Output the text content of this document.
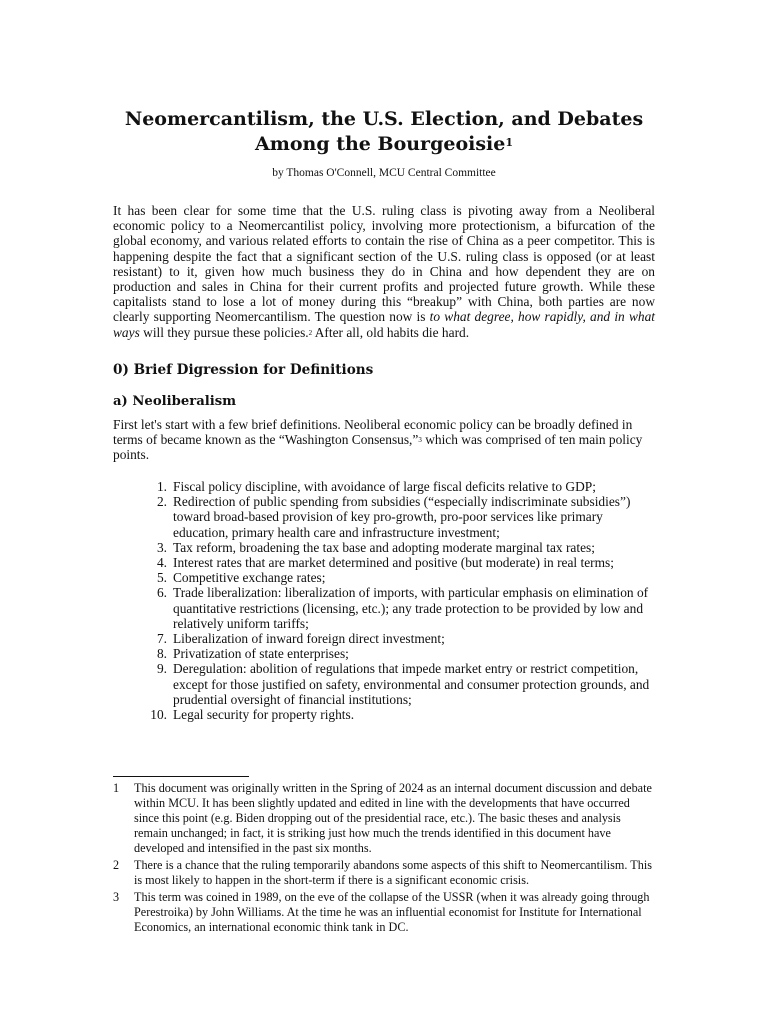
Neomercantilism, the U.S. Election, and Debates
Among the Bourgeoisie$^1$
by Thomas O'Connell, MCU Central Committee

It has been clear for some time that the U.S. ruling class is pivoting away from a Neoliberal economic policy to a Neomercantilist policy, involving more protectionism, a bifurcation of the global economy, and various related efforts to contain the rise of China as a peer competitor. This is happening despite the fact that a significant section of the U.S. ruling class is opposed (or at least resistant) to it, given how much business they do in China and how dependent they are on production and sales in China for their current profits and projected future growth. While these capitalists stand to lose a lot of money during this “breakup” with China, both parties are now clearly supporting Neomercantilism. The question now is to what degree, how rapidly, and in what ways will they pursue these policies.$^2$ After all, old habits die hard.

0) Brief Digression for Definitions
a) Neoliberalism

First let's start with a few brief definitions. Neoliberal economic policy can be broadly defined in terms of became known as the “Washington Consensus,”$^3$ which was comprised of ten main policy points.

1. Fiscal policy discipline, with avoidance of large fiscal deficits relative to GDP;
2. Redirection of public spending from subsidies (“especially indiscriminate subsidies”) toward broad-based provision of key pro-growth, pro-poor services like primary education, primary health care and infrastructure investment;
3. Tax reform, broadening the tax base and adopting moderate marginal tax rates;
4. Interest rates that are market determined and positive (but moderate) in real terms;
5. Competitive exchange rates;
6. Trade liberalization: liberalization of imports, with particular emphasis on elimination of quantitative restrictions (licensing, etc.); any trade protection to be provided by low and relatively uniform tariffs;
7. Liberalization of inward foreign direct investment;
8. Privatization of state enterprises;
9. Deregulation: abolition of regulations that impede market entry or restrict competition, except for those justified on safety, environmental and consumer protection grounds, and prudential oversight of financial institutions;
10. Legal security for property rights.
1 This document was originally written in the Spring of 2024 as an internal document discussion and debate within MCU. It has been slightly updated and edited in line with the developments that have occurred since this point (e.g. Biden dropping out of the presidential race, etc.). The basic theses and analysis remain unchanged; in fact, it is striking just how much the trends identified in this document have developed and intensified in the past six months.
2 There is a chance that the ruling temporarily abandons some aspects of this shift to Neomercantilism. This is most likely to happen in the short-term if there is a significant economic crisis.
3 This term was coined in 1989, on the eve of the collapse of the USSR (when it was already going through Perestroika) by John Williams. At the time he was an influential economist for Institute for International Economics, an international economic think tank in DC.
